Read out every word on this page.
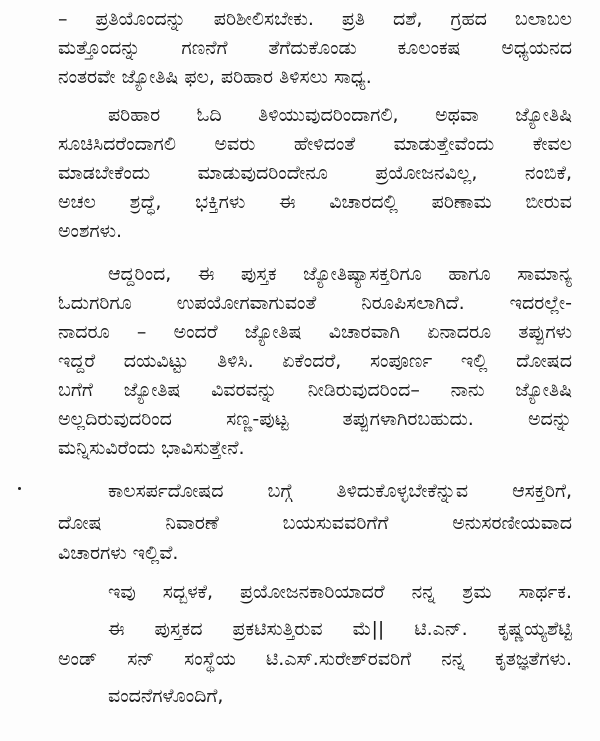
– ಪ್ರತಿಯೊಂದನ್ನು ಪರಿಶೀಲಿಸಬೇಕು. ಪ್ರತಿ ದಶೆ, ಗ್ರಹದ ಬಲಾಬಲ
ಮತ್ತೊಂದನ್ನು ಗಣನೆಗೆ ತೆಗೆದುಕೊಂಡು ಕೂಲಂಕಷ ಅಧ್ಯಯನದ
ನಂತರವೇ ಜ್ಯೋತಿಷಿ ಫಲ, ಪರಿಹಾರ ತಿಳಿಸಲು ಸಾಧ್ಯ.
ಪರಿಹಾರ ಓದಿ ತಿಳಿಯುವುದರಿಂದಾಗಲಿ, ಅಥವಾ ಜ್ಯೋತಿಷಿ
ಸೂಚಿಸಿದರೆಂದಾಗಲಿ ಅವರು ಹೇಳಿದಂತೆ ಮಾಡುತ್ತೇವೆಂದು ಕೇವಲ
ಮಾಡಬೇಕೆಂದು ಮಾಡುವುದರಿಂದೇನೂ ಪ್ರಯೋಜನವಿಲ್ಲ, ನಂಬಿಕೆ,
ಅಚಲ ಶ್ರದ್ಧೆ, ಭಕ್ತಿಗಳು ಈ ವಿಚಾರದಲ್ಲಿ ಪರಿಣಾಮ ಬೀರುವ
ಅಂಶಗಳು.
ಆದ್ದರಿಂದ, ಈ ಪುಸ್ತಕ ಜ್ಯೋತಿಷ್ಯಾಸಕ್ತರಿಗೂ ಹಾಗೂ ಸಾಮಾನ್ಯ
ಓದುಗರಿಗೂ ಉಪಯೋಗವಾಗುವಂತೆ ನಿರೂಪಿಸಲಾಗಿದೆ. ಇದರಲ್ಲೇ-
ನಾದರೂ – ಅಂದರೆ ಜ್ಯೋತಿಷ ವಿಚಾರವಾಗಿ ಏನಾದರೂ ತಪ್ಪುಗಳು
ಇದ್ದರೆ ದಯವಿಟ್ಟು ತಿಳಿಸಿ. ಏಕೆಂದರೆ, ಸಂಪೂರ್ಣ ಇಲ್ಲಿ ದೋಷದ
ಬಗೆಗೆ ಜ್ಯೋತಿಷ ವಿವರವನ್ನು ನೀಡಿರುವುದರಿಂದ– ನಾನು ಜ್ಯೋತಿಷಿ
ಅಲ್ಲದಿರುವುದರಿಂದ ಸಣ್ಣ-ಪುಟ್ಟ ತಪ್ಪುಗಳಾಗಿರಬಹುದು. ಅದನ್ನು
ಮನ್ನಿಸುವಿರೆಂದು ಭಾವಿಸುತ್ತೇನೆ.
ಕಾಲಸರ್ಪದೋಷದ ಬಗ್ಗೆ ತಿಳಿದುಕೊಳ್ಳಬೇಕೆನ್ನುವ ಆಸಕ್ತರಿಗೆ,
ದೋಷ ನಿವಾರಣೆ ಬಯಸುವವರಿಗೆಗೆ ಅನುಸರಣೀಯವಾದ
ವಿಚಾರಗಳು ಇಲ್ಲಿವೆ.
ಇವು ಸದ್ಬಳಕೆ, ಪ್ರಯೋಜನಕಾರಿಯಾದರೆ ನನ್ನ ಶ್ರಮ ಸಾರ್ಥಕ.
ಈ ಪುಸ್ತಕದ ಪ್ರಕಟಿಸುತ್ತಿರುವ ಮೆ|| ಟಿ.ಎನ್. ಕೃಷ್ಣಯ್ಯಶೆಟ್ಟಿ
ಅಂಡ್ ಸನ್ ಸಂಸ್ಥೆಯ ಟಿ.ಎಸ್.ಸುರೇಶ್‌ರವರಿಗೆ ನನ್ನ ಕೃತಜ್ಞತೆಗಳು.
ವಂದನೆಗಳೊಂದಿಗೆ,
